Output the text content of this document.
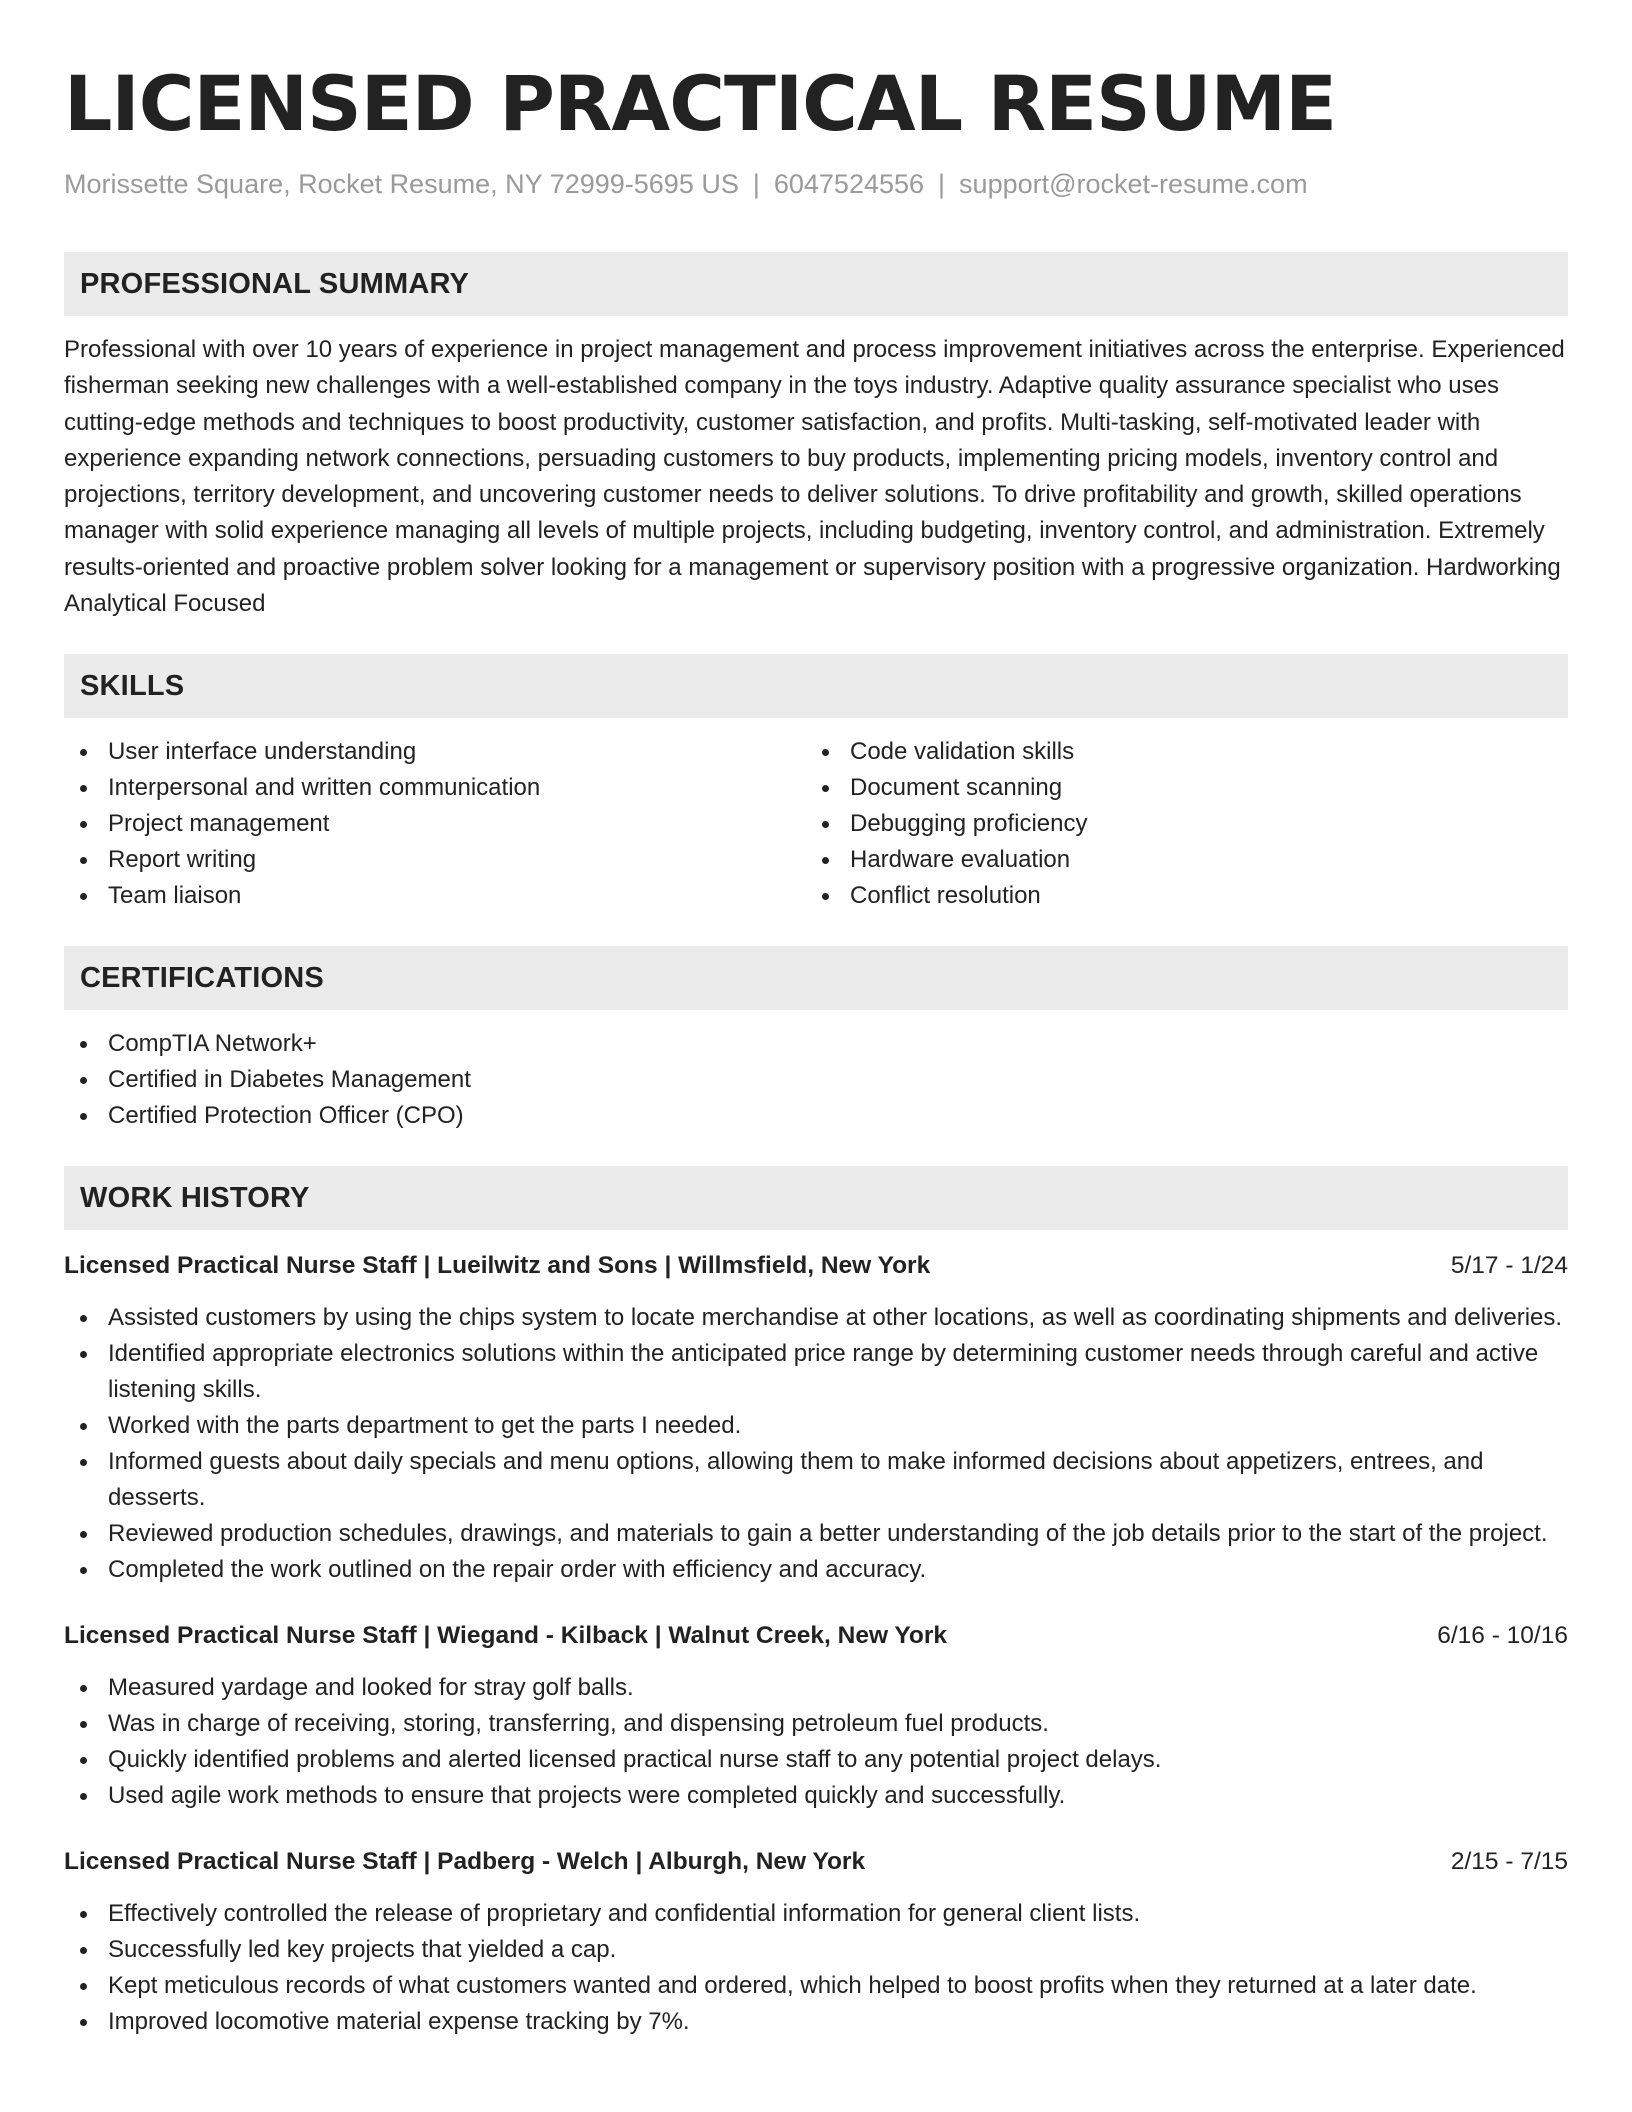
LICENSED PRACTICAL RESUME
Morissette Square, Rocket Resume, NY 72999-5695 US | 6047524556 | support@rocket-resume.com
PROFESSIONAL SUMMARY

Professional with over 10 years of experience in project management and process improvement initiatives across the enterprise. Experienced fisherman seeking new challenges with a well-established company in the toys industry. Adaptive quality assurance specialist who uses cutting-edge methods and techniques to boost productivity, customer satisfaction, and profits. Multi-tasking, self-motivated leader with experience expanding network connections, persuading customers to buy products, implementing pricing models, inventory control and projections, territory development, and uncovering customer needs to deliver solutions. To drive profitability and growth, skilled operations manager with solid experience managing all levels of multiple projects, including budgeting, inventory control, and administration. Extremely results-oriented and proactive problem solver looking for a management or supervisory position with a progressive organization. Hardworking Analytical Focused

SKILLS
User interface understanding
Interpersonal and written communication
Project management
Report writing
Team liaison
Code validation skills
Document scanning
Debugging proficiency
Hardware evaluation
Conflict resolution
CERTIFICATIONS
CompTIA Network+
Certified in Diabetes Management
Certified Protection Officer (CPO)
WORK HISTORY
Licensed Practical Nurse Staff | Lueilwitz and Sons | Willmsfield, New York	5/17 - 1/24
Assisted customers by using the chips system to locate merchandise at other locations, as well as coordinating shipments and deliveries.
Identified appropriate electronics solutions within the anticipated price range by determining customer needs through careful and active listening skills.
Worked with the parts department to get the parts I needed.
Informed guests about daily specials and menu options, allowing them to make informed decisions about appetizers, entrees, and desserts.
Reviewed production schedules, drawings, and materials to gain a better understanding of the job details prior to the start of the project.
Completed the work outlined on the repair order with efficiency and accuracy.
Licensed Practical Nurse Staff | Wiegand - Kilback | Walnut Creek, New York	6/16 - 10/16
Measured yardage and looked for stray golf balls.
Was in charge of receiving, storing, transferring, and dispensing petroleum fuel products.
Quickly identified problems and alerted licensed practical nurse staff to any potential project delays.
Used agile work methods to ensure that projects were completed quickly and successfully.
Licensed Practical Nurse Staff | Padberg - Welch | Alburgh, New York	2/15 - 7/15
Effectively controlled the release of proprietary and confidential information for general client lists.
Successfully led key projects that yielded a cap.
Kept meticulous records of what customers wanted and ordered, which helped to boost profits when they returned at a later date.
Improved locomotive material expense tracking by 7%.
